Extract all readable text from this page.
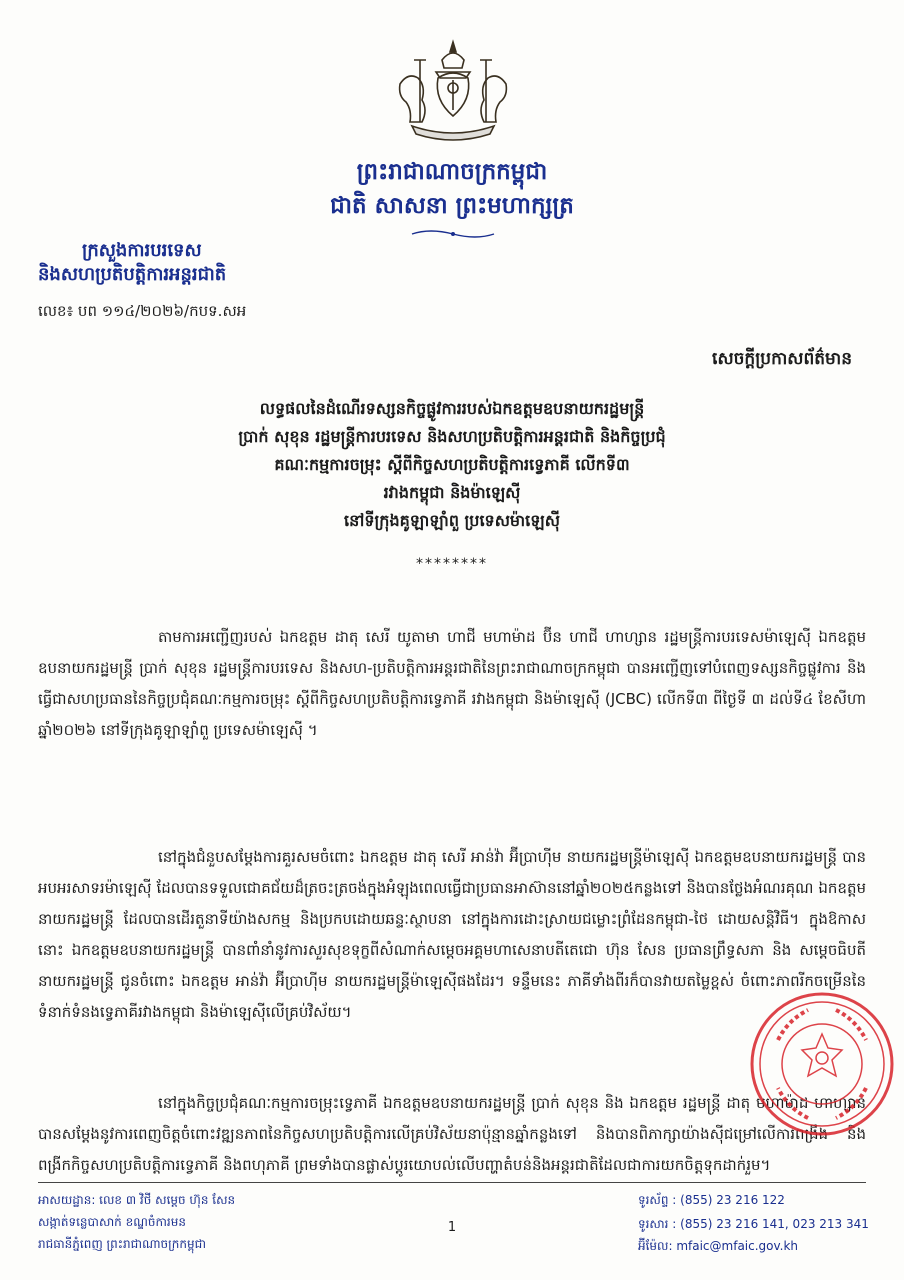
ព្រះរាជាណាចក្រកម្ពុជា
ជាតិ សាសនា ព្រះមហាក្សត្រ
ក្រសួងការបរទេស
និងសហប្រតិបត្តិការអន្តរជាតិ
លេខ៖ បព ១១៤/២០២៦/កបទ.សអ
សេចក្តីប្រកាសព័ត៌មាន
លទ្ធផលនៃដំណើរទស្សនកិច្ចផ្លូវការរបស់ឯកឧត្តមឧបនាយករដ្ឋមន្ត្រី
ប្រាក់ សុខុន រដ្ឋមន្ត្រីការបរទេស និងសហប្រតិបត្តិការអន្តរជាតិ និងកិច្ចប្រជុំ
គណៈកម្មការចម្រុះ ស្តីពីកិច្ចសហប្រតិបត្តិការទ្វេភាគី លើកទី៣
រវាងកម្ពុជា និងម៉ាឡេស៊ី
នៅទីក្រុងគូឡាឡាំពួ ប្រទេសម៉ាឡេស៊ី
********

តាមការអញ្ជើញរបស់ ឯកឧត្តម ដាតុ សេរី យូតាមា ហាជី មហាម៉ាដ ប៊ីន ហាជី ហាហ្សាន រដ្ឋមន្ត្រីការបរទេសម៉ាឡេស៊ី ឯកឧត្តមឧបនាយករដ្ឋមន្ត្រី ប្រាក់ សុខុន រដ្ឋមន្ត្រីការបរទេស និងសហ-ប្រតិបត្តិការអន្តរជាតិនៃព្រះរាជាណាចក្រកម្ពុជា បានអញ្ជើញទៅបំពេញទស្សនកិច្ចផ្លូវការ និងធ្វើជាសហប្រធាននៃកិច្ចប្រជុំគណៈកម្មការចម្រុះ ស្តីពីកិច្ចសហប្រតិបត្តិការទ្វេភាគី រវាងកម្ពុជា និងម៉ាឡេស៊ី (JCBC) លើកទី៣ ពីថ្ងៃទី ៣ ដល់ទី៤ ខែសីហា ឆ្នាំ២០២៦ នៅទីក្រុងគូឡាឡាំពួ ប្រទេសម៉ាឡេស៊ី ។

នៅក្នុងជំនួបសម្តែងការគួរសមចំពោះ ឯកឧត្តម ដាតុ សេរី អាន់វ៉ា អ៊ីប្រាហ៊ីម នាយករដ្ឋមន្ត្រីម៉ាឡេស៊ី ឯកឧត្តមឧបនាយករដ្ឋមន្ត្រី បានអបអរសាទរម៉ាឡេស៊ី ដែលបានទទួលជោគជ័យដ៏ត្រចះត្រចង់ក្នុងអំឡុងពេលធ្វើជាប្រធានអាស៊ាននៅឆ្នាំ២០២៥កន្លងទៅ និងបានថ្លែងអំណរគុណ ឯកឧត្តមនាយករដ្ឋមន្ត្រី ដែលបានដើរតួនាទីយ៉ាងសកម្ម និងប្រកបដោយឆន្ទៈស្ថាបនា នៅក្នុងការដោះស្រាយជម្លោះព្រំដែនកម្ពុជា-ថៃ ដោយសន្តិវិធី។ ក្នុងឱកាសនោះ ឯកឧត្តមឧបនាយករដ្ឋមន្ត្រី បានពាំនាំនូវការសួរសុខទុក្ខពីសំណាក់សម្តេចអគ្គមហាសេនាបតីតេជោ ហ៊ុន សែន ប្រធានព្រឹទ្ធសភា និង សម្តេចធិបតីនាយករដ្ឋមន្ត្រី ជូនចំពោះ ឯកឧត្តម អាន់វ៉ា អ៊ីប្រាហ៊ីម នាយករដ្ឋមន្ត្រីម៉ាឡេស៊ីផងដែរ។ ទន្ទឹមនេះ ភាគីទាំងពីរក៏បានវាយតម្លៃខ្ពស់ ចំពោះភាពរីកចម្រើននៃទំនាក់ទំនងទ្វេភាគីរវាងកម្ពុជា និងម៉ាឡេស៊ីលើគ្រប់វិស័យ។

នៅក្នុងកិច្ចប្រជុំគណៈកម្មការចម្រុះទ្វេភាគី ឯកឧត្តមឧបនាយករដ្ឋមន្ត្រី ប្រាក់ សុខុន និង ឯកឧត្តម រដ្ឋមន្ត្រី ដាតុ មហាម៉ាដ ហាហ្សាន បានសម្តែងនូវការពេញចិត្តចំពោះវឌ្ឍនភាពនៃកិច្ចសហប្រតិបត្តិការលើគ្រប់វិស័យនាប៉ុន្មានឆ្នាំកន្លងទៅ និងបានពិភាក្សាយ៉ាងស៊ីជម្រៅលើការពង្រឹង និងពង្រីកកិច្ចសហប្រតិបត្តិការទ្វេភាគី និងពហុភាគី ព្រមទាំងបានផ្លាស់ប្តូរយោបល់លើបញ្ហាតំបន់និងអន្តរជាតិដែលជាការយកចិត្តទុកដាក់រួម។

អាសយដ្ឋាន: លេខ ៣ វិថី សម្តេច ហ៊ុន សែន
សង្កាត់ទន្លេបាសាក់ ខណ្ឌចំការមន
រាជធានីភ្នំពេញ ព្រះរាជាណាចក្រកម្ពុជា
1
ទូរស័ព្ទ : (855) 23 216 122
ទូរសារ : (855) 23 216 141, 023 213 341
អ៊ីម៉ែល: mfaic@mfaic.gov.kh
